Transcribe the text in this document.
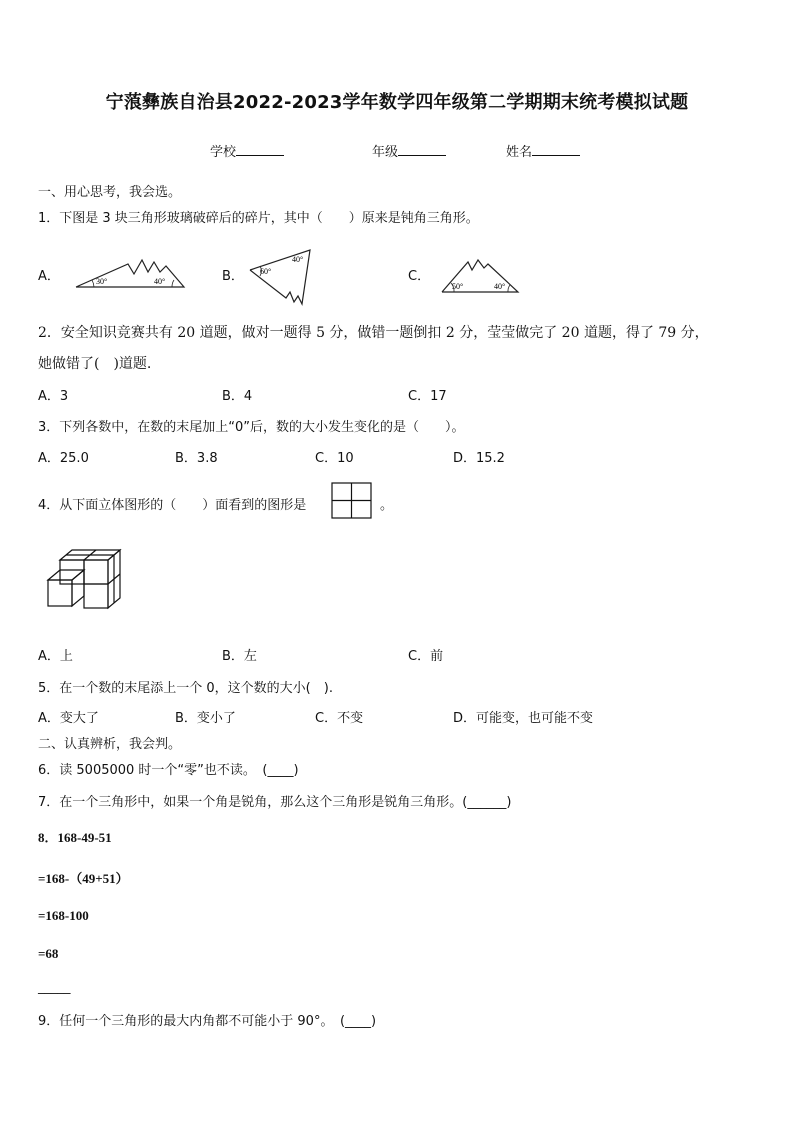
宁蒗彝族自治县2022-2023学年数学四年级第二学期期末统考模拟试题
学校	年级	姓名
一、用心思考，我会选。
1．下图是 3 块三角形玻璃破碎后的碎片，其中（　　）原来是钝角三角形。
A．	30°	40°	B． 60°
40°
C．
50°	40°
2．安全知识竞赛共有 20 道题，做对一题得 5 分，做错一题倒扣 2 分，莹莹做完了 20 道题，得了 79 分，
她做错了(　)道题.
A．3	B．4	C．17
3．下列各数中，在数的末尾加上“0”后，数的大小发生变化的是（　　）。
A．25.0	B．3.8	C．10	D．15.2
4．从下面立体图形的（　　）面看到的图形是	。
A．上	B．左	C．前
5．在一个数的末尾添上一个 0，这个数的大小(　).
A．变大了	B．变小了	C．不变	D．可能变，也可能不变
二、认真辨析，我会判。
6．读 5005000 时一个“零”也不读。　(____)
7．在一个三角形中，如果一个角是锐角，那么这个三角形是锐角三角形。(______)
8．168-49-51
=168-（49+51）
=168-100
=68
_____
9．任何一个三角形的最大内角都不可能小于 90°。　(____)
